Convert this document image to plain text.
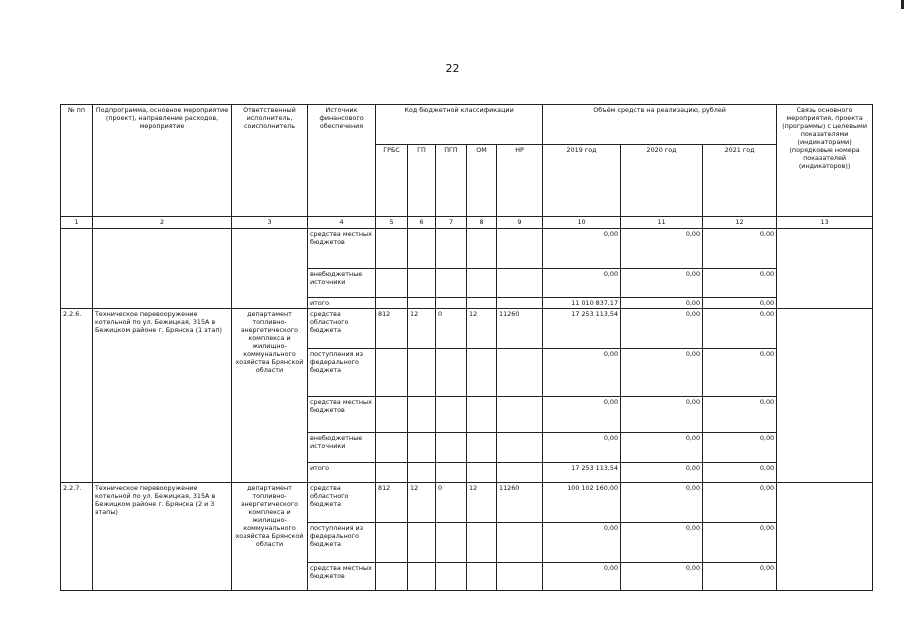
22
№ пп	Подпрограмма, основное мероприятие (проект), направление расходов, мероприятие	Ответственный исполнитель, соисполнитель	Источник финансового обеспечения	Код бюджетной классификации					Объём средств на реализацию, рублей			Связь основного мероприятия, проекта (программы) с целевыми показателями (индикаторами) (порядковые номера показателей (индикаторов))
				ГРБС	ГП	ПГП	ОМ	НР	2019 год	2020 год	2021 год	
1	2	3	4	5	6	7	8	9	10	11	12	13
			средства местных бюджетов						0,00	0,00	0,00	
			внебюджетные источники						0,00	0,00	0,00	
			итого						11 010 837,17	0,00	0,00	
2.2.6.	Техническое перевооружение котельной по ул. Бежицкая, 315А в Бежицком районе г. Брянска (1 этап)	департамент топливно-энергетического комплекса и жилищно-коммунального хозяйства Брянской области	средства областного бюджета	812	12	0	12	11260	17 253 113,54	0,00	0,00	
			поступления из федерального бюджета						0,00	0,00	0,00	
			средства местных бюджетов						0,00	0,00	0,00	
			внебюджетные источники						0,00	0,00	0,00	
			итого						17 253 113,54	0,00	0,00	
2.2.7.	Техническое перевооружение котельной по ул. Бежицкая, 315А в Бежицком районе г. Брянска (2 и 3 этапы)	департамент топливно-энергетического комплекса и жилищно-коммунального хозяйства Брянской области	средства областного бюджета	812	12	0	12	11260	100 102 160,00	0,00	0,00	
			поступления из федерального бюджета						0,00	0,00	0,00	
			средства местных бюджетов						0,00	0,00	0,00	
